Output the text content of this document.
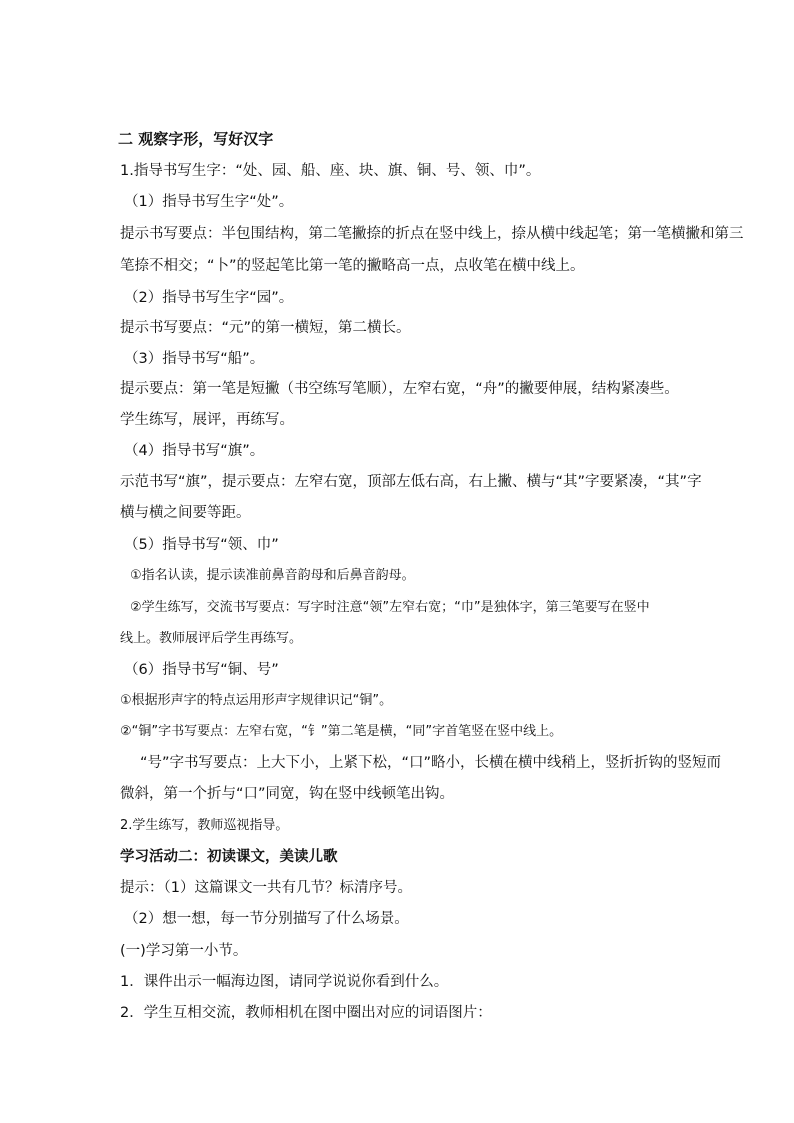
二 观察字形，写好汉字
1.指导书写生字：“处、园、船、座、块、旗、铜、号、领、巾”。
（1）指导书写生字“处”。
提示书写要点：半包围结构，第二笔撇捺的折点在竖中线上，捺从横中线起笔；第一笔横撇和第三
笔捺不相交；“卜”的竖起笔比第一笔的撇略高一点，点收笔在横中线上。
（2）指导书写生字“园”。
提示书写要点：“元”的第一横短，第二横长。
（3）指导书写“船”。
提示要点：第一笔是短撇（书空练写笔顺），左窄右宽，“舟”的撇要伸展，结构紧凑些。
学生练写，展评，再练写。
（4）指导书写“旗”。
示范书写“旗”，提示要点：左窄右宽，顶部左低右高，右上撇、横与“其”字要紧凑，“其”字
横与横之间要等距。
（5）指导书写“领、巾”
①指名认读，提示读准前鼻音韵母和后鼻音韵母。
②学生练写，交流书写要点：写字时注意“领”左窄右宽；“巾”是独体字，第三笔要写在竖中
线上。教师展评后学生再练写。
（6）指导书写“铜、号”
①根据形声字的特点运用形声字规律识记“铜”。
②“铜”字书写要点：左窄右宽，“钅”第二笔是横，“同”字首笔竖在竖中线上。
“号”字书写要点：上大下小，上紧下松，“口”略小，长横在横中线稍上，竖折折钩的竖短而
微斜，第一个折与“口”同宽，钩在竖中线顿笔出钩。
2.学生练写，教师巡视指导。
学习活动二：初读课文，美读儿歌
提示：（1）这篇课文一共有几节？标清序号。
（2）想一想，每一节分别描写了什么场景。
(一)学习第一小节。
1．课件出示一幅海边图，请同学说说你看到什么。
2．学生互相交流，教师相机在图中圈出对应的词语图片：
